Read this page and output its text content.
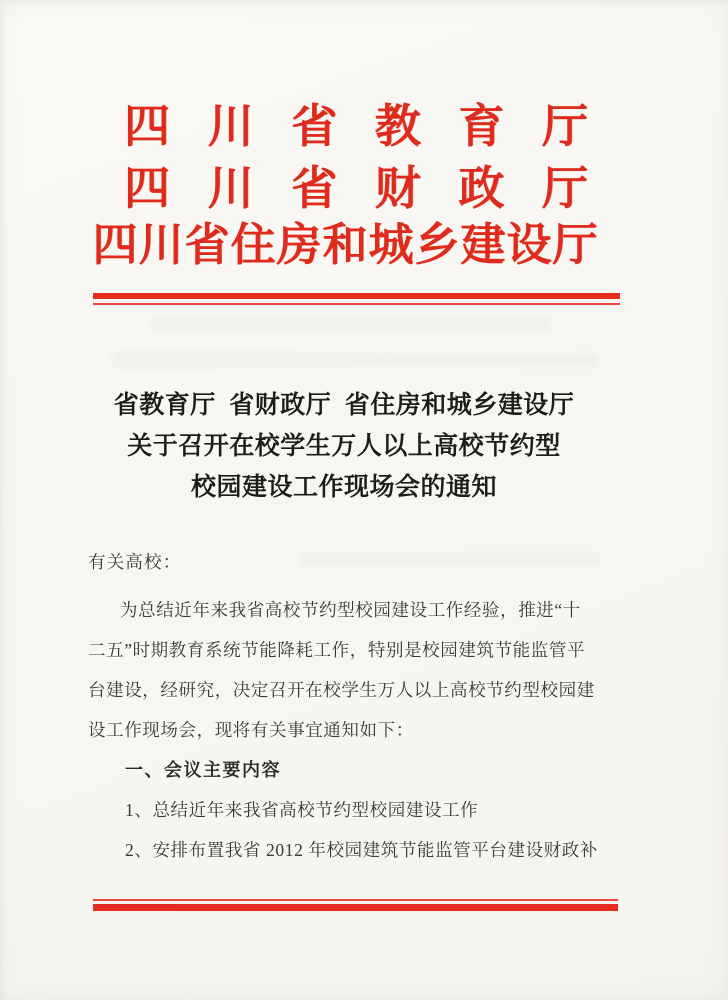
四 川 省 教 育 厅
四 川 省 财 政 厅
四川省住房和城乡建设厅
省教育厅  省财政厅  省住房和城乡建设厅
关于召开在校学生万人以上高校节约型
校园建设工作现场会的通知
有关高校：
为总结近年来我省高校节约型校园建设工作经验，推进“十
二五”时期教育系统节能降耗工作，特别是校园建筑节能监管平
台建设，经研究，决定召开在校学生万人以上高校节约型校园建
设工作现场会，现将有关事宜通知如下：
一、会议主要内容
1、总结近年来我省高校节约型校园建设工作
2、安排布置我省 2012 年校园建筑节能监管平台建设财政补
